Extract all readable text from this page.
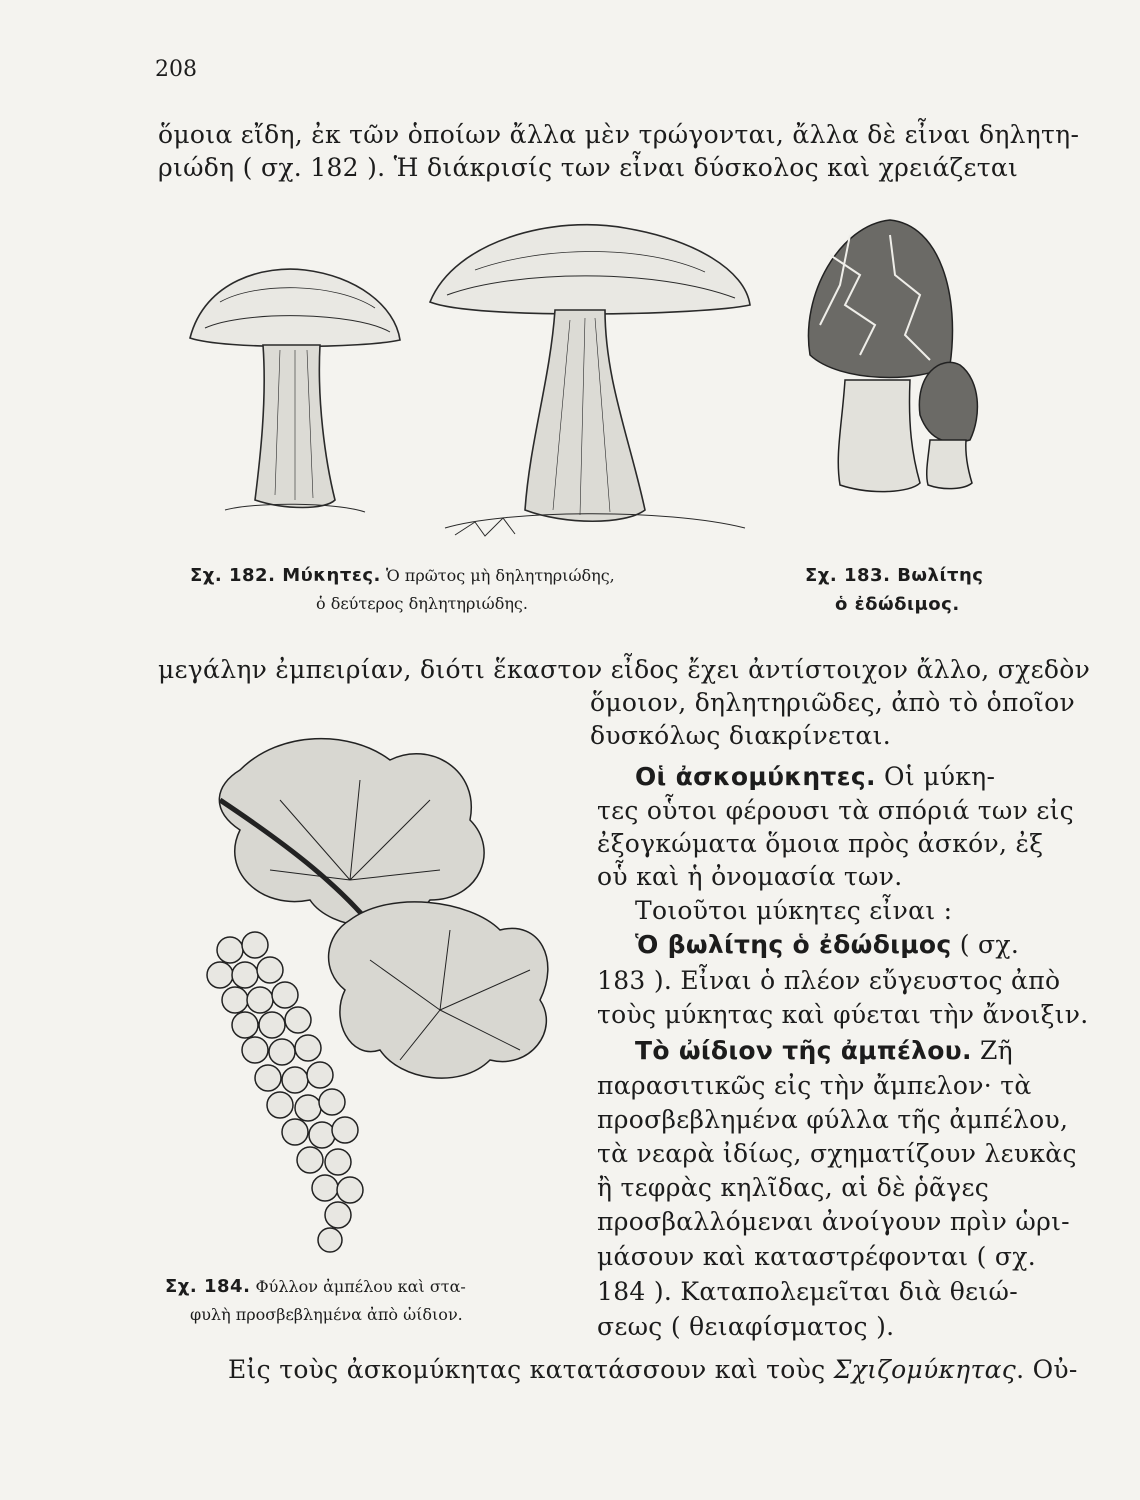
208
ὅμοια εἴδη, ἐκ τῶν ὁποίων ἄλλα μὲν τρώγονται, ἄλλα δὲ εἶναι δηλητη-
ριώδη ( σχ. 182 ). Ἡ διάκρισίς των εἶναι δύσκολος καὶ χρειάζεται
Σχ. 182. Μύκητες. Ὁ πρῶτος μὴ δηλητηριώδης,
ὁ δεύτερος δηλητηριώδης.
Σχ. 183. Βωλίτης
ὁ ἐδώδιμος.
μεγάλην ἐμπειρίαν, διότι ἕκαστον εἶδος ἔχει ἀντίστοιχον ἄλλο, σχεδὸν
ὅμοιον, δηλητηριῶδες, ἀπὸ τὸ ὁποῖον
δυσκόλως διακρίνεται.
Οἱ ἀσκομύκητες. Οἱ μύκη-
τες οὗτοι φέρουσι τὰ σπόριά των εἰς
ἐξογκώματα ὅμοια πρὸς ἀσκόν, ἐξ
οὗ καὶ ἡ ὀνομασία των.
Τοιοῦτοι μύκητες εἶναι :
Ὁ βωλίτης ὁ ἐδώδιμος ( σχ.
183 ). Εἶναι ὁ πλέον εὔγευστος ἀπὸ
τοὺς μύκητας καὶ φύεται τὴν ἄνοιξιν.
Τὸ ὠίδιον τῆς ἀμπέλου. Ζῆ
παρασιτικῶς εἰς τὴν ἄμπελον· τὰ
προσβεβλημένα φύλλα τῆς ἀμπέλου,
τὰ νεαρὰ ἰδίως, σχηματίζουν λευκὰς
ἢ τεφρὰς κηλῖδας, αἱ δὲ ῥᾶγες
προσβαλλόμεναι ἀνοίγουν πρὶν ὡρι-
μάσουν καὶ καταστρέφονται ( σχ.
184 ). Καταπολεμεῖται διὰ θειώ-
σεως ( θειαφίσματος ).
Σχ. 184. Φύλλον ἀμπέλου καὶ στα-
φυλὴ προσβεβλημένα ἀπὸ ὠίδιον.
Εἰς τοὺς ἀσκομύκητας κατατάσσουν καὶ τοὺς Σχιζομύκητας. Οὐ-
